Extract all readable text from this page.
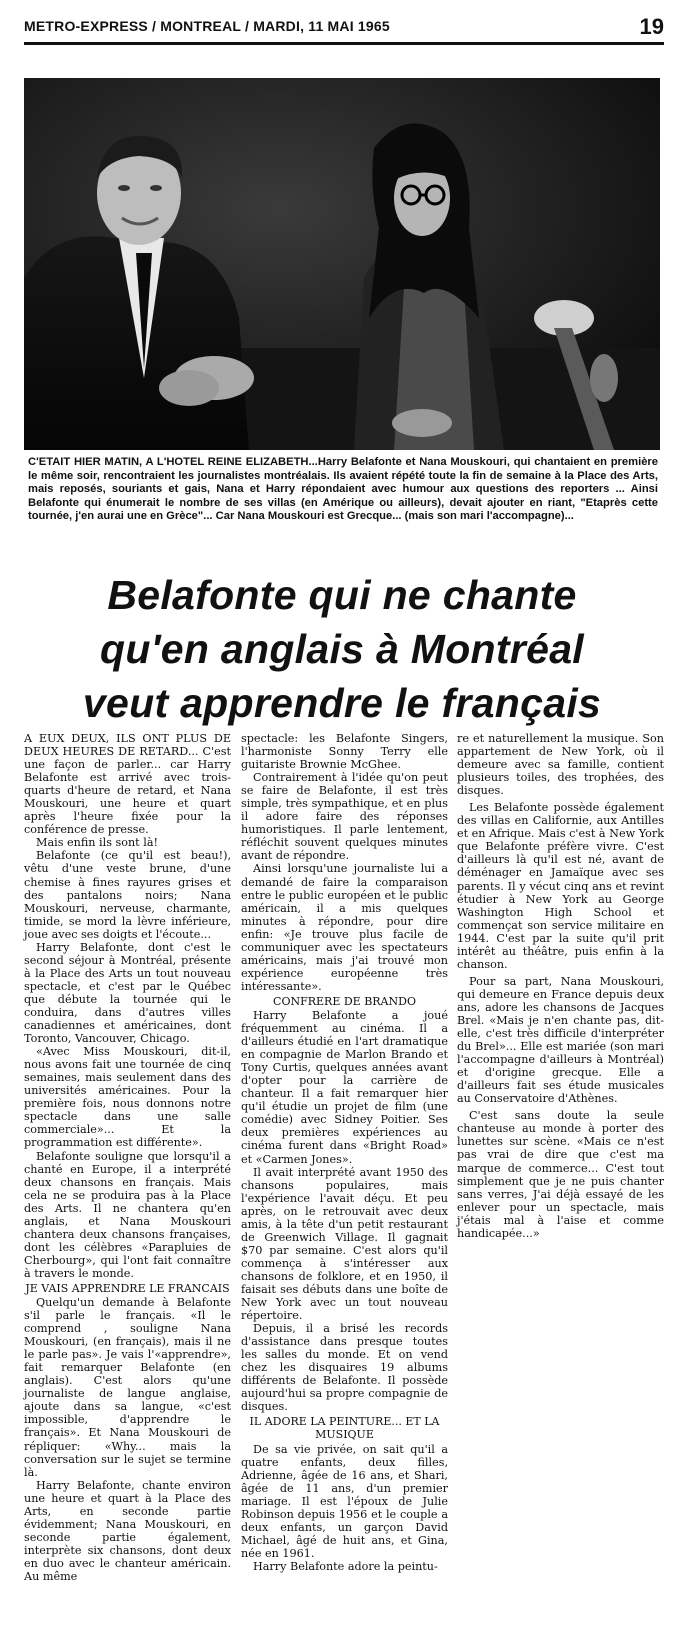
METRO-EXPRESS / MONTREAL / MARDI, 11 MAI 1965	19
C'ETAIT HIER MATIN, A L'HOTEL REINE ELIZABETH...Harry Belafonte et Nana Mouskouri, qui chantaient en première le même soir, rencontraient les journalistes montréalais. Ils avaient répété toute la fin de semaine à la Place des Arts, mais reposés, souriants et gais, Nana et Harry répondaient avec humour aux questions des reporters ... Ainsi Belafonte qui énumerait le nombre de ses villas (en Amérique ou ailleurs), devait ajouter en riant, "Etaprès cette tournée, j'en aurai une en Grèce"... Car Nana Mouskouri est Grecque... (mais son mari l'accompagne)...
Belafonte qui ne chante
qu'en anglais à Montréal
veut apprendre le français

A EUX DEUX, ILS ONT PLUS DE DEUX HEURES DE RETARD... C'est une façon de parler... car Harry Belafonte est arrivé avec trois-quarts d'heure de retard, et Nana Mouskouri, une heure et quart après l'heure fixée pour la conférence de presse.

Mais enfin ils sont là!

Belafonte (ce qu'il est beau!), vêtu d'une veste brune, d'une chemise à fines rayures grises et des pantalons noirs; Nana Mouskouri, nerveuse, charmante, timide, se mord la lèvre inférieure, joue avec ses doigts et l'écoute...

Harry Belafonte, dont c'est le second séjour à Montréal, présente à la Place des Arts un tout nouveau spectacle, et c'est par le Québec que débute la tournée qui le conduira, dans d'autres villes canadiennes et américaines, dont Toronto, Vancouver, Chicago.

«Avec Miss Mouskouri, dit-il, nous avons fait une tournée de cinq semaines, mais seulement dans des universités américaines. Pour la première fois, nous donnons notre spectacle dans une salle commerciale»... Et la programmation est différente».

Belafonte souligne que lorsqu'il a chanté en Europe, il a interprété deux chansons en français. Mais cela ne se produira pas à la Place des Arts. Il ne chantera qu'en anglais, et Nana Mouskouri chantera deux chansons françaises, dont les célèbres «Parapluies de Cherbourg», qui l'ont fait connaître à travers le monde.

JE VAIS APPRENDRE LE FRANCAIS

Quelqu'un demande à Belafonte s'il parle le français. «Il le comprend , souligne Nana Mouskouri, (en français), mais il ne le parle pas». Je vais l'«apprendre», fait remarquer Belafonte (en anglais). C'est alors qu'une journaliste de langue anglaise, ajoute dans sa langue, «c'est impossible, d'apprendre le français». Et Nana Mouskouri de répliquer: «Why... mais la conversation sur le sujet se termine là.

Harry Belafonte, chante environ une heure et quart à la Place des Arts, en seconde partie évidemment; Nana Mouskouri, en seconde partie également, interprète six chansons, dont deux en duo avec le chanteur américain. Au même

spectacle: les Belafonte Singers, l'harmoniste Sonny Terry elle guitariste Brownie McGhee.

Contrairement à l'idée qu'on peut se faire de Belafonte, il est très simple, très sympathique, et en plus il adore faire des réponses humoristiques. Il parle lentement, réfléchit souvent quelques minutes avant de répondre.

Ainsi lorsqu'une journaliste lui a demandé de faire la comparaison entre le public européen et le public américain, il a mis quelques minutes à répondre, pour dire enfin: «Je trouve plus facile de communiquer avec les spectateurs américains, mais j'ai trouvé mon expérience européenne très intéressante».

CONFRERE DE BRANDO

Harry Belafonte a joué fréquemment au cinéma. Il a d'ailleurs étudié en l'art dramatique en compagnie de Marlon Brando et Tony Curtis, quelques années avant d'opter pour la carrière de chanteur. Il a fait remarquer hier qu'il étudie un projet de film (une comédie) avec Sidney Poitier. Ses deux premières expériences au cinéma furent dans «Bright Road» et «Carmen Jones».

Il avait interprété avant 1950 des chansons populaires, mais l'expérience l'avait déçu. Et peu après, on le retrouvait avec deux amis, à la tête d'un petit restaurant de Greenwich Village. Il gagnait $70 par semaine. C'est alors qu'il commença à s'intéresser aux chansons de folklore, et en 1950, il faisait ses débuts dans une boîte de New York avec un tout nouveau répertoire.

Depuis, il a brisé les records d'assistance dans presque toutes les salles du monde. Et on vend chez les disquaires 19 albums différents de Belafonte. Il possède aujourd'hui sa propre compagnie de disques.

IL ADORE LA PEINTURE... ET LA MUSIQUE

De sa vie privée, on sait qu'il a quatre enfants, deux filles, Adrienne, âgée de 16 ans, et Shari, âgée de 11 ans, d'un premier mariage. Il est l'époux de Julie Robinson depuis 1956 et le couple a deux enfants, un garçon David Michael, âgé de huit ans, et Gina, née en 1961.

Harry Belafonte adore la peintu-

re et naturellement la musique. Son appartement de New York, où il demeure avec sa famille, contient plusieurs toiles, des trophées, des disques.

Les Belafonte possède également des villas en Californie, aux Antilles et en Afrique. Mais c'est à New York que Belafonte préfère vivre. C'est d'ailleurs là qu'il est né, avant de déménager en Jamaïque avec ses parents. Il y vécut cinq ans et revint étudier à New York au George Washington High School et commençat son service militaire en 1944. C'est par la suite qu'il prit intérêt au théâtre, puis enfin à la chanson.

Pour sa part, Nana Mouskouri, qui demeure en France depuis deux ans, adore les chansons de Jacques Brel. «Mais je n'en chante pas, dit-elle, c'est très difficile d'interpréter du Brel»... Elle est mariée (son mari l'accompagne d'ailleurs à Montréal) et d'origine grecque. Elle a d'ailleurs fait ses étude musicales au Conservatoire d'Athènes.

C'est sans doute la seule chanteuse au monde à porter des lunettes sur scène. «Mais ce n'est pas vrai de dire que c'est ma marque de commerce... C'est tout simplement que je ne puis chanter sans verres, J'ai déjà essayé de les enlever pour un spectacle, mais j'étais mal à l'aise et comme handicapée...»
